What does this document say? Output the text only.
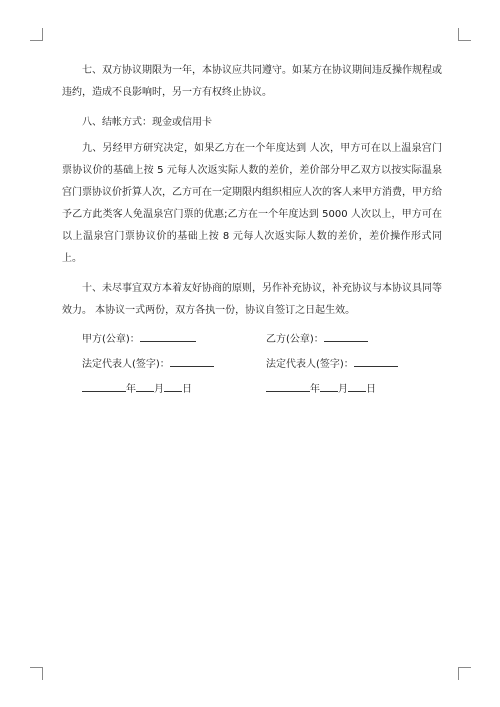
七、双方协议期限为一年，本协议应共同遵守。如某方在协议期间违反操作规程或违约，造成不良影响时，另一方有权终止协议。

八、结帐方式：现金或信用卡

九、另经甲方研究决定，如果乙方在一个年度达到 人次，甲方可在以上温泉宫门票协议价的基础上按 5 元每人次返实际人数的差价，差价部分甲乙双方以按实际温泉宫门票协议价折算人次，乙方可在一定期限内组织相应人次的客人来甲方消费，甲方给予乙方此类客人免温泉宫门票的优惠;乙方在一个年度达到 5000 人次以上，甲方可在以上温泉宫门票协议价的基础上按 8 元每人次返实际人数的差价，差价操作形式同上。

十、未尽事宜双方本着友好协商的原则，另作补充协议，补充协议与本协议具同等效力。 本协议一式两份，双方各执一份，协议自签订之日起生效。

甲方(公章)：	乙方(公章)：
法定代表人(签字)：	法定代表人(签字)：
年 月 日	年 月 日
